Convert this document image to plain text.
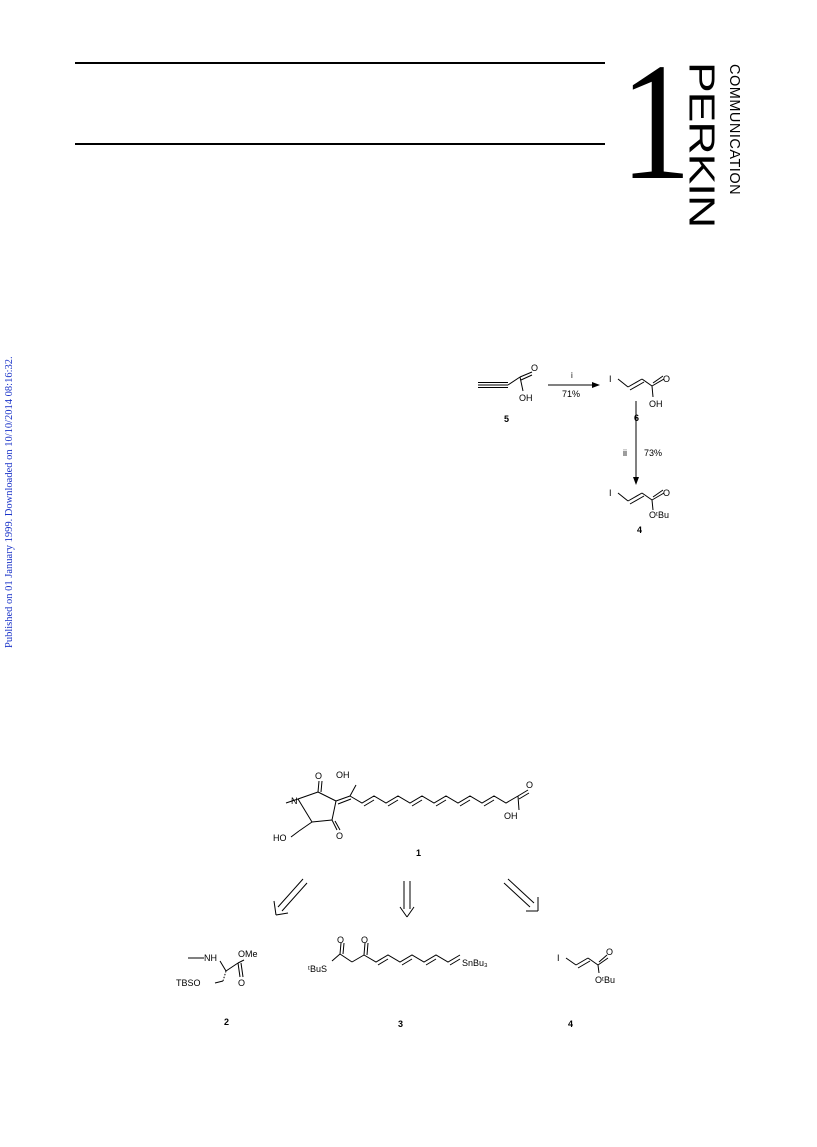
1
PERKIN COMMUNICATION
Published on 01 January 1999. Downloaded on 10/10/2014 08:16:32.	O
OH
i
71%
I	O
OH
ii 73%
I	O
OᵗBu
5	6
4
OH
O
O
N
HO
O
OH
NH OMe
O
TBSO
ᵗBuS
O O
SnBu₃	I
O
OᵗBu
1
2	3	4
